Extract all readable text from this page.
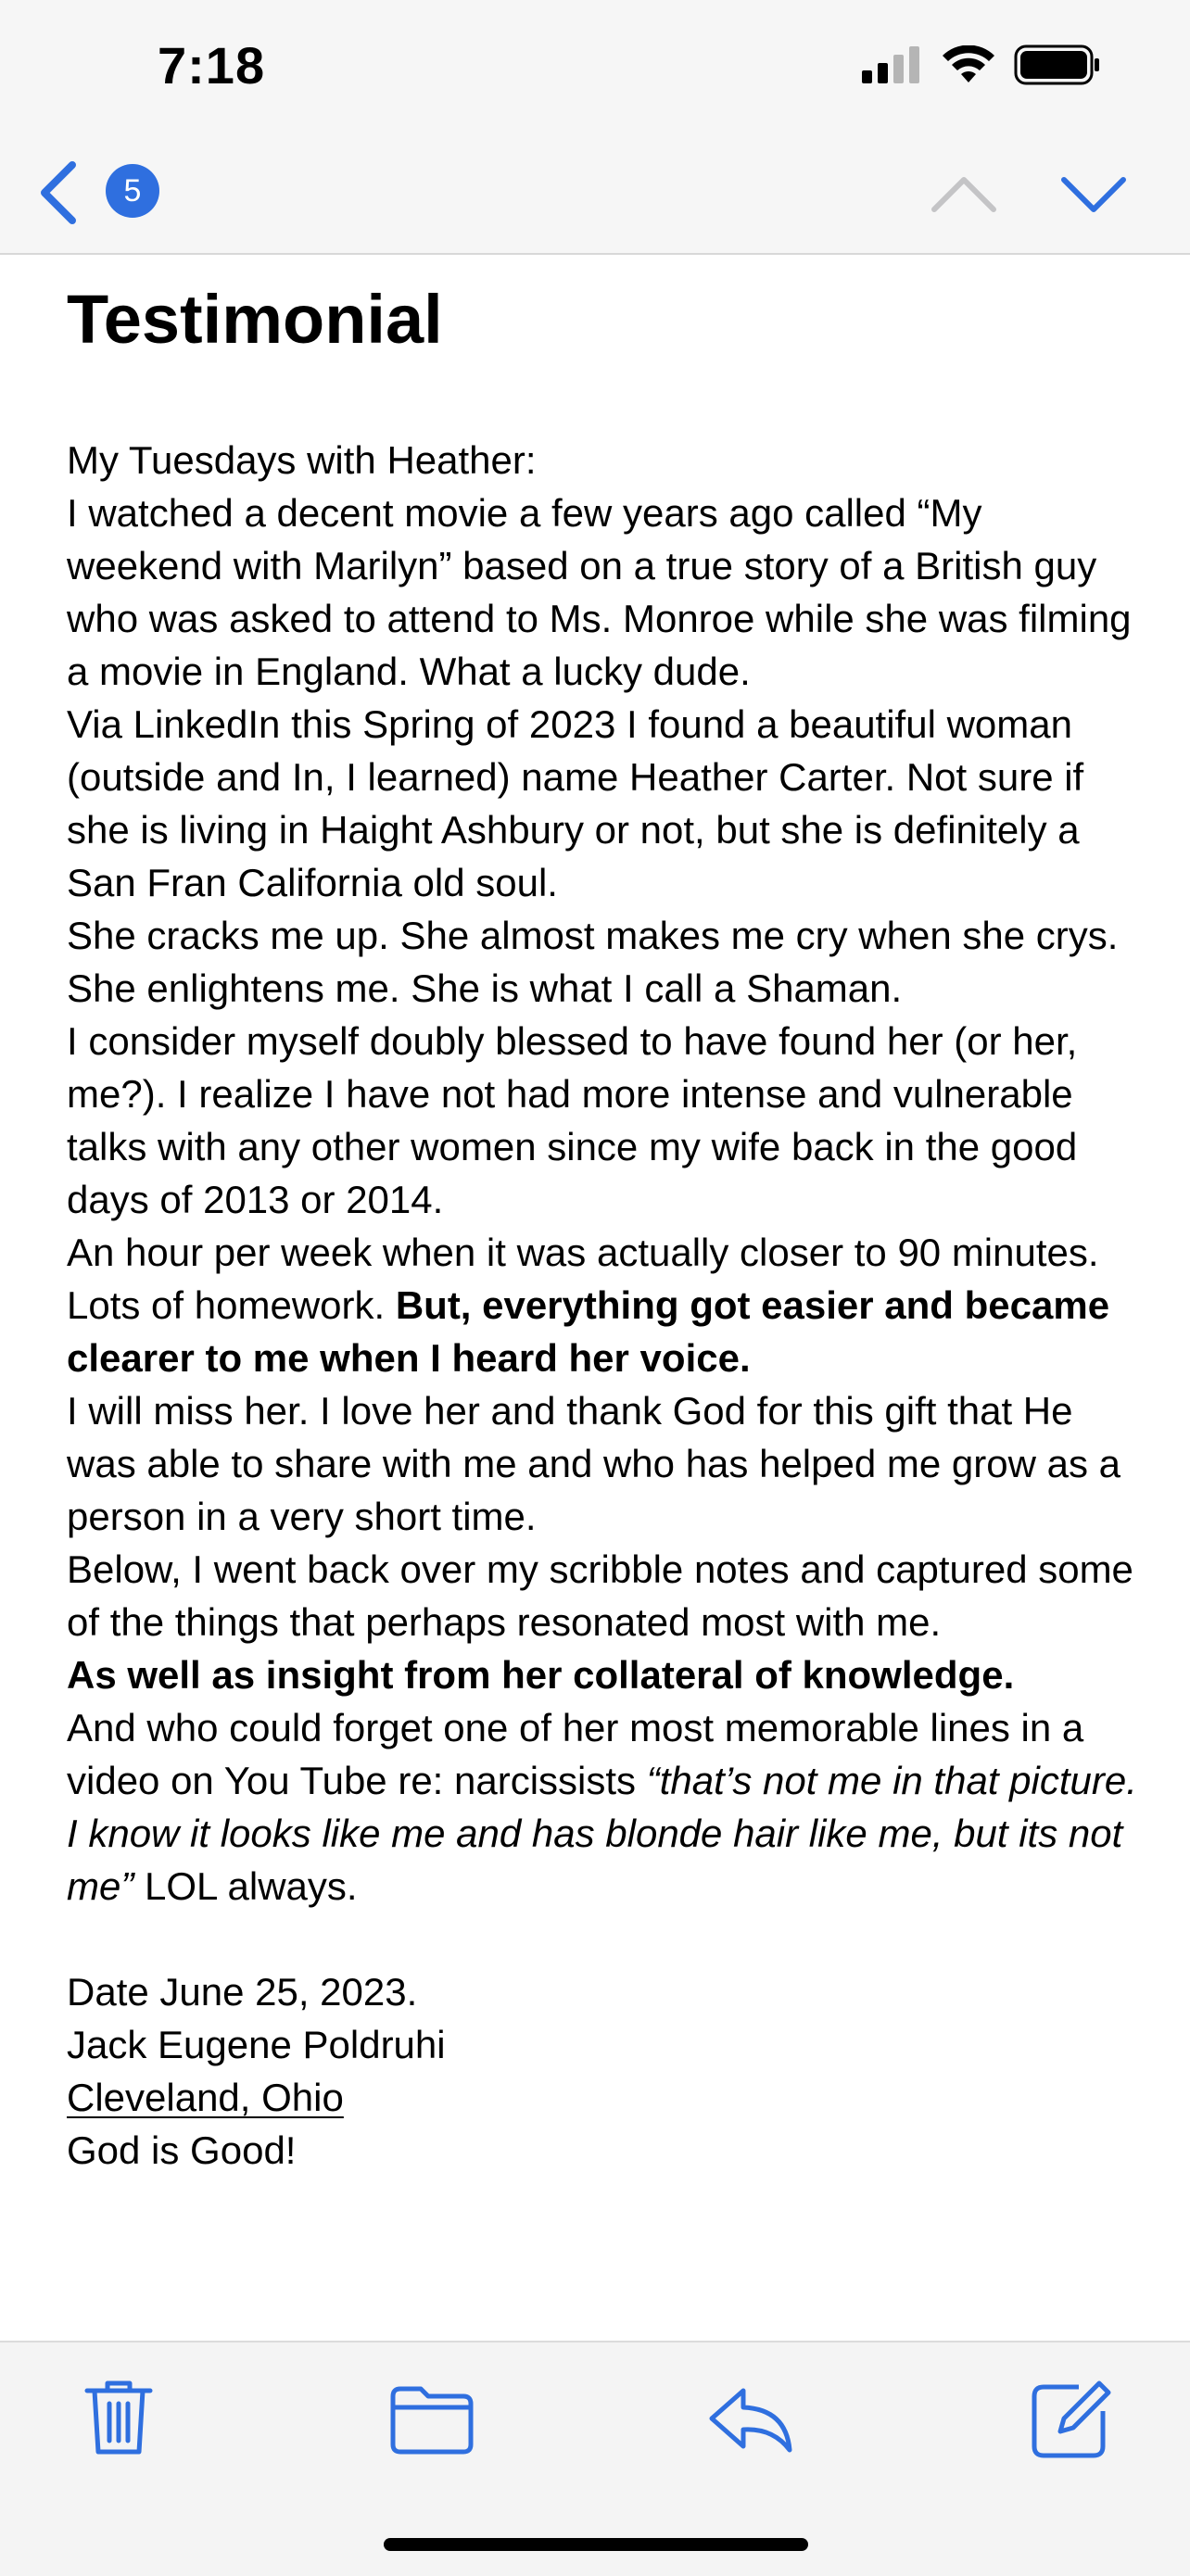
7:18
5
Testimonial

My Tuesdays with Heather:

I watched a decent movie a few years ago called “My weekend with Marilyn” based on a true story of a British guy who was asked to attend to Ms. Monroe while she was filming a movie in England. What a lucky dude.

Via LinkedIn this Spring of 2023 I found a beautiful woman (outside and In, I learned) name Heather Carter. Not sure if she is living in Haight Ashbury or not, but she is definitely a San Fran California old soul.

She cracks me up. She almost makes me cry when she crys. She enlightens me. She is what I call a Shaman.

I consider myself doubly blessed to have found her (or her, me?). I realize I have not had more intense and vulnerable talks with any other women since my wife back in the good days of 2013 or 2014.

An hour per week when it was actually closer to 90 minutes. Lots of homework. But, everything got easier and became clearer to me when I heard her voice.

I will miss her. I love her and thank God for this gift that He was able to share with me and who has helped me grow as a person in a very short time.

Below, I went back over my scribble notes and captured some of the things that perhaps resonated most with me.

As well as insight from her collateral of knowledge.

And who could forget one of her most memorable lines in a video on You Tube re: narcissists “that’s not me in that picture. I know it looks like me and has blonde hair like me, but its not me” LOL always.

Date June 25, 2023.

Jack Eugene Poldruhi

Cleveland, Ohio

God is Good!
